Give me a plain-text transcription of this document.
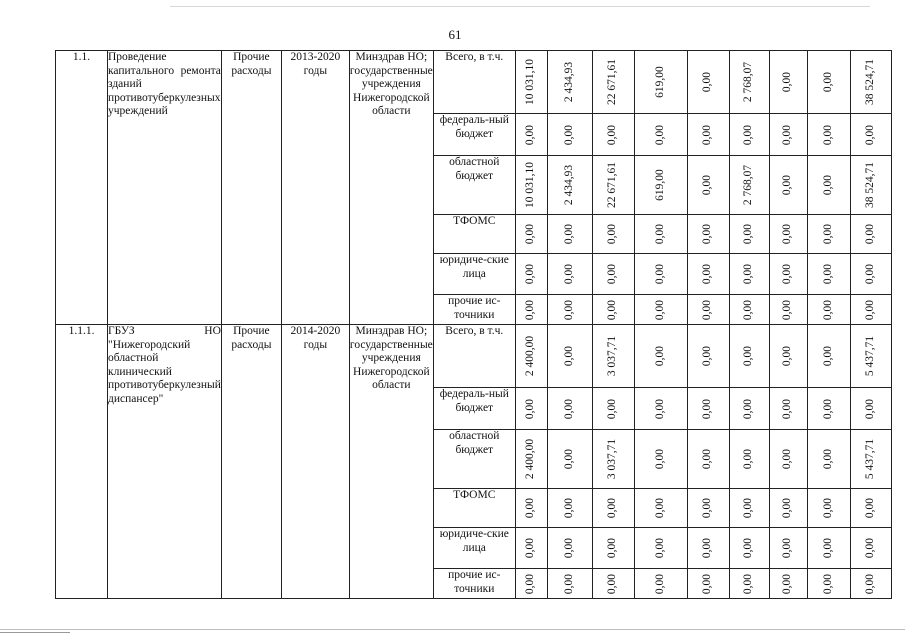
61
1.1.	Проведение капитального ремонта зданий противотуберкулезных учреждений	Прочие расходы	2013-2020 годы	Минздрав НО; государственные учреждения Нижегородской области	Всего, в т.ч.	10 031,10	2 434,93	22 671,61	619,00	0,00	2 768,07	0,00	0,00	38 524,71

					федераль-ный бюджет	0,00	0,00	0,00	0,00	0,00	0,00	0,00	0,00	0,00

					областной бюджет	10 031,10	2 434,93	22 671,61	619,00	0,00	2 768,07	0,00	0,00	38 524,71

					ТФОМС	0,00	0,00	0,00	0,00	0,00	0,00	0,00	0,00	0,00

					юридиче-ские лица	0,00	0,00	0,00	0,00	0,00	0,00	0,00	0,00	0,00

					прочие ис-точники	0,00	0,00	0,00	0,00	0,00	0,00	0,00	0,00	0,00

1.1.1.	ГБУЗ НО "Нижегородский областной клинический противотуберкулезный диспансер"	Прочие расходы	2014-2020 годы	Минздрав НО; государственные учреждения Нижегородской области	Всего, в т.ч.	2 400,00	0,00	3 037,71	0,00	0,00	0,00	0,00	0,00	5 437,71

					федераль-ный бюджет	0,00	0,00	0,00	0,00	0,00	0,00	0,00	0,00	0,00

					областной бюджет	2 400,00	0,00	3 037,71	0,00	0,00	0,00	0,00	0,00	5 437,71

					ТФОМС	0,00	0,00	0,00	0,00	0,00	0,00	0,00	0,00	0,00

					юридиче-ские лица	0,00	0,00	0,00	0,00	0,00	0,00	0,00	0,00	0,00

					прочие ис-точники	0,00	0,00	0,00	0,00	0,00	0,00	0,00	0,00	0,00
